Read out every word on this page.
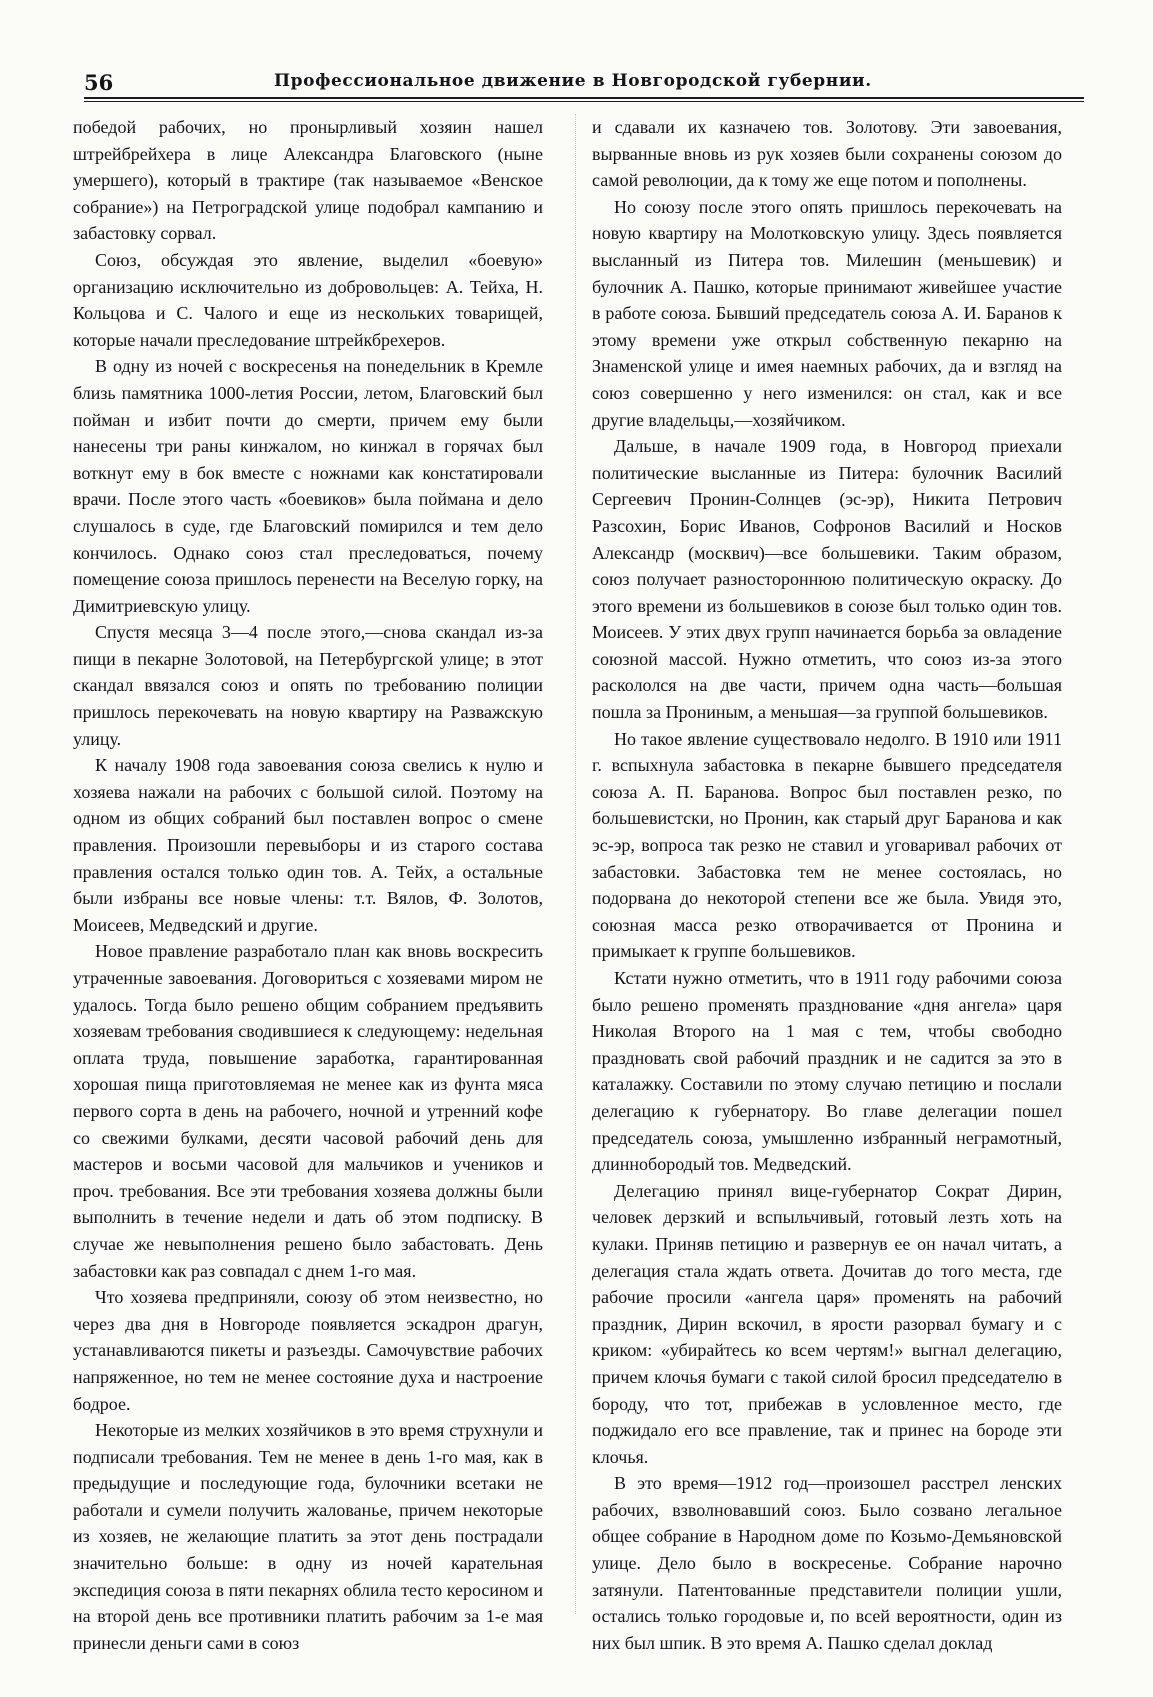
56	Профессиональное движение в Новгородской губернии.

победой рабочих, но пронырливый хозяин нашел штрейбрейхера в лице Александра Благовского (ныне умершего), который в трактире (так называемое «Венское собрание») на Петроградской улице подобрал кампанию и забастовку сорвал.

Союз, обсуждая это явление, выделил «боевую» организацию исключительно из добровольцев: А. Тейха, Н. Кольцова и С. Чалого и еще из нескольких товарищей, которые начали преследование штрейкбрехеров.

В одну из ночей с воскресенья на понедельник в Кремле близь памятника 1000-летия России, летом, Благовский был пойман и избит почти до смерти, причем ему были нанесены три раны кинжалом, но кинжал в горячах был воткнут ему в бок вместе с ножнами как констатировали врачи. После этого часть «боевиков» была поймана и дело слушалось в суде, где Благовский помирился и тем дело кончилось. Однако союз стал преследоваться, почему помещение союза пришлось перенести на Веселую горку, на Димитриевскую улицу.

Спустя месяца 3—4 после этого,—снова скандал из-за пищи в пекарне Золотовой, на Петербургской улице; в этот скандал ввязался союз и опять по требованию полиции пришлось перекочевать на новую квартиру на Разважскую улицу.

К началу 1908 года завоевания союза свелись к нулю и хозяева нажали на рабочих с большой силой. Поэтому на одном из общих собраний был поставлен вопрос о смене правления. Произошли перевыборы и из старого состава правления остался только один тов. А. Тейх, а остальные были избраны все новые члены: т.т. Вялов, Ф. Золотов, Моисеев, Медведский и другие.

Новое правление разработало план как вновь воскресить утраченные завоевания. Договориться с хозяевами миром не удалось. Тогда было решено общим собранием предъявить хозяевам требования сводившиеся к следующему: недельная оплата труда, повышение заработка, гарантированная хорошая пища приготовляемая не менее как из фунта мяса первого сорта в день на рабочего, ночной и утренний кофе со свежими булками, десяти часовой рабочий день для мастеров и восьми часовой для мальчиков и учеников и проч. требования. Все эти требования хозяева должны были выполнить в течение недели и дать об этом подписку. В случае же невыполнения решено было забастовать. День забастовки как раз совпадал с днем 1-го мая.

Что хозяева предприняли, союзу об этом неизвестно, но через два дня в Новгороде появляется эскадрон драгун, устанавливаются пикеты и разъезды. Самочувствие рабочих напряженное, но тем не менее состояние духа и настроение бодрое.

Некоторые из мелких хозяйчиков в это время струхнули и подписали требования. Тем не менее в день 1-го мая, как в предыдущие и последующие года, булочники всетаки не работали и сумели получить жалованье, причем некоторые из хозяев, не желающие платить за этот день пострадали значительно больше: в одну из ночей карательная экспедиция союза в пяти пекарнях облила тесто керосином и на второй день все противники платить рабочим за 1-е мая принесли деньги сами в союз

и сдавали их казначею тов. Золотову. Эти завоевания, вырванные вновь из рук хозяев были сохранены союзом до самой революции, да к тому же еще потом и пополнены.

Но союзу после этого опять пришлось перекочевать на новую квартиру на Молотковскую улицу. Здесь появляется высланный из Питера тов. Милешин (меньшевик) и булочник А. Пашко, которые принимают живейшее участие в работе союза. Бывший председатель союза А. И. Баранов к этому времени уже открыл собственную пекарню на Знаменской улице и имея наемных рабочих, да и взгляд на союз совершенно у него изменился: он стал, как и все другие владельцы,—хозяйчиком.

Дальше, в начале 1909 года, в Новгород приехали политические высланные из Питера: булочник Василий Сергеевич Пронин-Солнцев (эс-эр), Никита Петрович Разсохин, Борис Иванов, Софронов Василий и Носков Александр (москвич)—все большевики. Таким образом, союз получает разностороннюю политическую окраску. До этого времени из большевиков в союзе был только один тов. Моисеев. У этих двух групп начинается борьба за овладение союзной массой. Нужно отметить, что союз из-за этого раскололся на две части, причем одна часть—большая пошла за Прониным, а меньшая—за группой большевиков.

Но такое явление существовало недолго. В 1910 или 1911 г. вспыхнула забастовка в пекарне бывшего председателя союза А. П. Баранова. Вопрос был поставлен резко, по большевистски, но Пронин, как старый друг Баранова и как эс-эр, вопроса так резко не ставил и уговаривал рабочих от забастовки. Забастовка тем не менее состоялась, но подорвана до некоторой степени все же была. Увидя это, союзная масса резко отворачивается от Пронина и примыкает к группе большевиков.

Кстати нужно отметить, что в 1911 году рабочими союза было решено променять празднование «дня ангела» царя Николая Второго на 1 мая с тем, чтобы свободно праздновать свой рабочий праздник и не садится за это в каталажку. Составили по этому случаю петицию и послали делегацию к губернатору. Во главе делегации пошел председатель союза, умышленно избранный неграмотный, длиннобородый тов. Медведский.

Делегацию принял вице-губернатор Сократ Дирин, человек дерзкий и вспыльчивый, готовый лезть хоть на кулаки. Приняв петицию и развернув ее он начал читать, а делегация стала ждать ответа. Дочитав до того места, где рабочие просили «ангела царя» променять на рабочий праздник, Дирин вскочил, в ярости разорвал бумагу и с криком: «убирайтесь ко всем чертям!» выгнал делегацию, причем клочья бумаги с такой силой бросил председателю в бороду, что тот, прибежав в условленное место, где поджидало его все правление, так и принес на бороде эти клочья.

В это время—1912 год—произошел расстрел ленских рабочих, взволновавший союз. Было созвано легальное общее собрание в Народном доме по Козьмо-Демьяновской улице. Дело было в воскресенье. Собрание нарочно затянули. Патентованные представители полиции ушли, остались только городовые и, по всей вероятности, один из них был шпик. В это время А. Пашко сделал доклад
